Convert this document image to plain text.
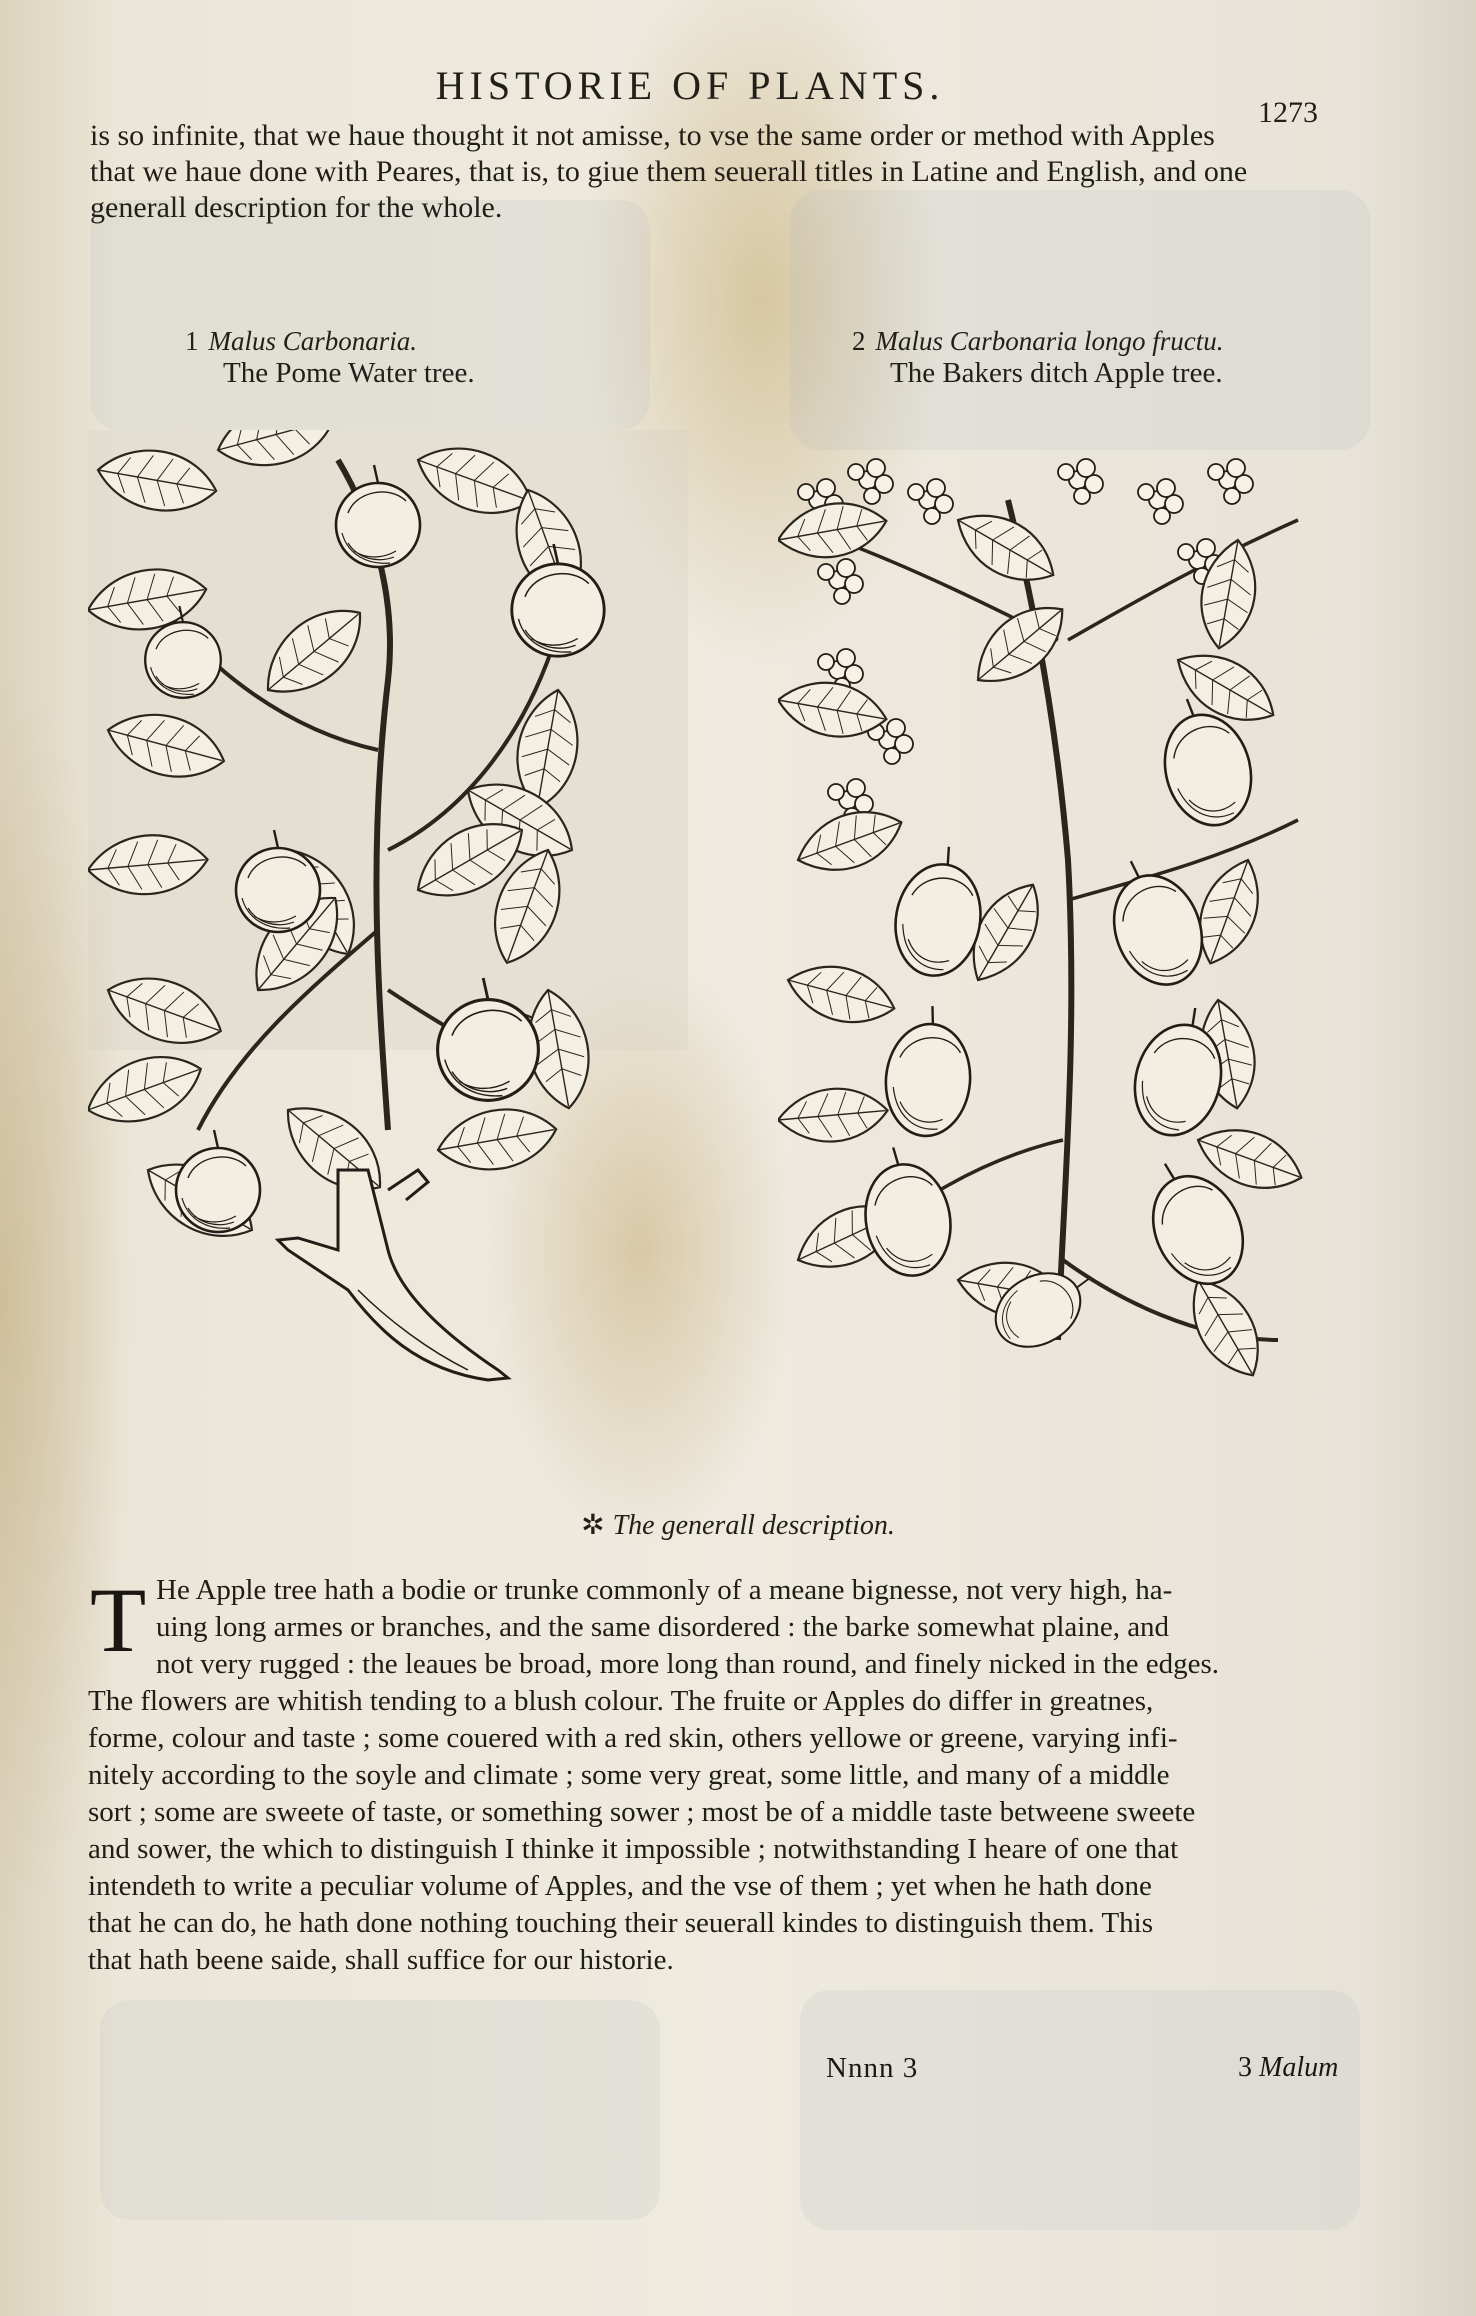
HISTORIE OF PLANTS.
1273

is so infinite, that we haue thought it not amisse, to vse the same order or method with Apples

that we haue done with Peares, that is, to giue them seuerall titles in Latine and English, and one

generall description for the whole.

1 Malus Carbonaria.
The Pome Water tree.
2 Malus Carbonaria longo fructu.
The Bakers ditch Apple tree.
✲ The generall description.
T He Apple tree hath a bodie or trunke commonly of a meane bignesse, not very high, ha-

uing long armes or branches, and the same disordered : the barke somewhat plaine, and

not very rugged : the leaues be broad, more long than round, and finely nicked in the edges.

The flowers are whitish tending to a blush colour. The fruite or Apples do differ in greatnes,

forme, colour and taste ; some couered with a red skin, others yellowe or greene, varying infi-

nitely according to the soyle and climate ; some very great, some little, and many of a middle

sort ; some are sweete of taste, or something sower ; most be of a middle taste betweene sweete

and sower, the which to distinguish I thinke it impossible ; notwithstanding I heare of one that

intendeth to write a peculiar volume of Apples, and the vse of them ; yet when he hath done

that he can do, he hath done nothing touching their seuerall kindes to distinguish them. This

that hath beene saide, shall suffice for our historie.

Nnnn 3	3 Malum
